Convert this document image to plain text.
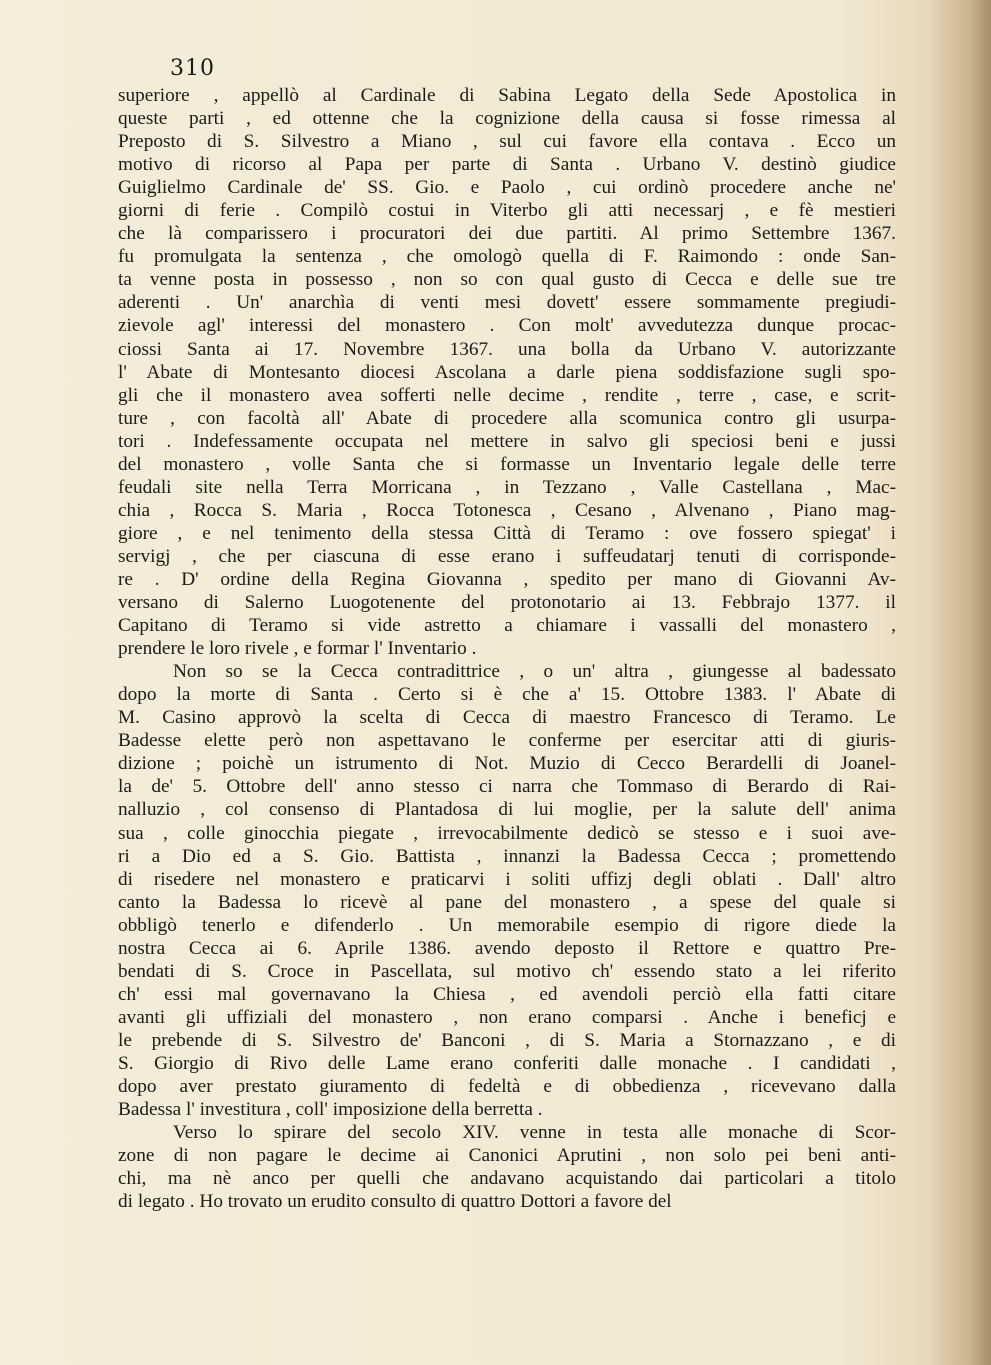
310
superiore , appellò al Cardinale di Sabina Legato della Sede Apostolica in
queste parti , ed ottenne che la cognizione della causa si fosse rimessa al
Preposto di S. Silvestro a Miano , sul cui favore ella contava . Ecco un
motivo di ricorso al Papa per parte di Santa . Urbano V. destinò giudice
Guiglielmo Cardinale de' SS. Gio. e Paolo , cui ordinò procedere anche ne'
giorni di ferie . Compilò costui in Viterbo gli atti necessarj , e fè mestieri
che là comparissero i procuratori dei due partiti. Al primo Settembre 1367.
fu promulgata la sentenza , che omologò quella di F. Raimondo : onde San-
ta venne posta in possesso , non so con qual gusto di Cecca e delle sue tre
aderenti . Un' anarchìa di venti mesi dovett' essere sommamente pregiudi-
zievole agl' interessi del monastero . Con molt' avvedutezza dunque procac-
ciossi Santa ai 17. Novembre 1367. una bolla da Urbano V. autorizzante
l' Abate di Montesanto diocesi Ascolana a darle piena soddisfazione sugli spo-
gli che il monastero avea sofferti nelle decime , rendite , terre , case, e scrit-
ture , con facoltà all' Abate di procedere alla scomunica contro gli usurpa-
tori . Indefessamente occupata nel mettere in salvo gli speciosi beni e jussi
del monastero , volle Santa che si formasse un Inventario legale delle terre
feudali site nella Terra Morricana , in Tezzano , Valle Castellana , Mac-
chia , Rocca S. Maria , Rocca Totonesca , Cesano , Alvenano , Piano mag-
giore , e nel tenimento della stessa Città di Teramo : ove fossero spiegat' i
servigj , che per ciascuna di esse erano i suffeudatarj tenuti di corrisponde-
re . D' ordine della Regina Giovanna , spedito per mano di Giovanni Av-
versano di Salerno Luogotenente del protonotario ai 13. Febbrajo 1377. il
Capitano di Teramo si vide astretto a chiamare i vassalli del monastero ,
prendere le loro rivele , e formar l' Inventario .
Non so se la Cecca contradittrice , o un' altra , giungesse al badessato
dopo la morte di Santa . Certo si è che a' 15. Ottobre 1383. l' Abate di
M. Casino approvò la scelta di Cecca di maestro Francesco di Teramo. Le
Badesse elette però non aspettavano le conferme per esercitar atti di giuris-
dizione ; poichè un istrumento di Not. Muzio di Cecco Berardelli di Joanel-
la de' 5. Ottobre dell' anno stesso ci narra che Tommaso di Berardo di Rai-
nalluzio , col consenso di Plantadosa di lui moglie, per la salute dell' anima
sua , colle ginocchia piegate , irrevocabilmente dedicò se stesso e i suoi ave-
ri a Dio ed a S. Gio. Battista , innanzi la Badessa Cecca ; promettendo
di risedere nel monastero e praticarvi i soliti uffizj degli oblati . Dall' altro
canto la Badessa lo ricevè al pane del monastero , a spese del quale si
obbligò tenerlo e difenderlo . Un memorabile esempio di rigore diede la
nostra Cecca ai 6. Aprile 1386. avendo deposto il Rettore e quattro Pre-
bendati di S. Croce in Pascellata, sul motivo ch' essendo stato a lei riferito
ch' essi mal governavano la Chiesa , ed avendoli perciò ella fatti citare
avanti gli uffiziali del monastero , non erano comparsi . Anche i beneficj e
le prebende di S. Silvestro de' Banconi , di S. Maria a Stornazzano , e di
S. Giorgio di Rivo delle Lame erano conferiti dalle monache . I candidati ,
dopo aver prestato giuramento di fedeltà e di obbedienza , ricevevano dalla
Badessa l' investitura , coll' imposizione della berretta .
Verso lo spirare del secolo XIV. venne in testa alle monache di Scor-
zone di non pagare le decime ai Canonici Aprutini , non solo pei beni anti-
chi, ma nè anco per quelli che andavano acquistando dai particolari a titolo
di legato . Ho trovato un erudito consulto di quattro Dottori a favore del
